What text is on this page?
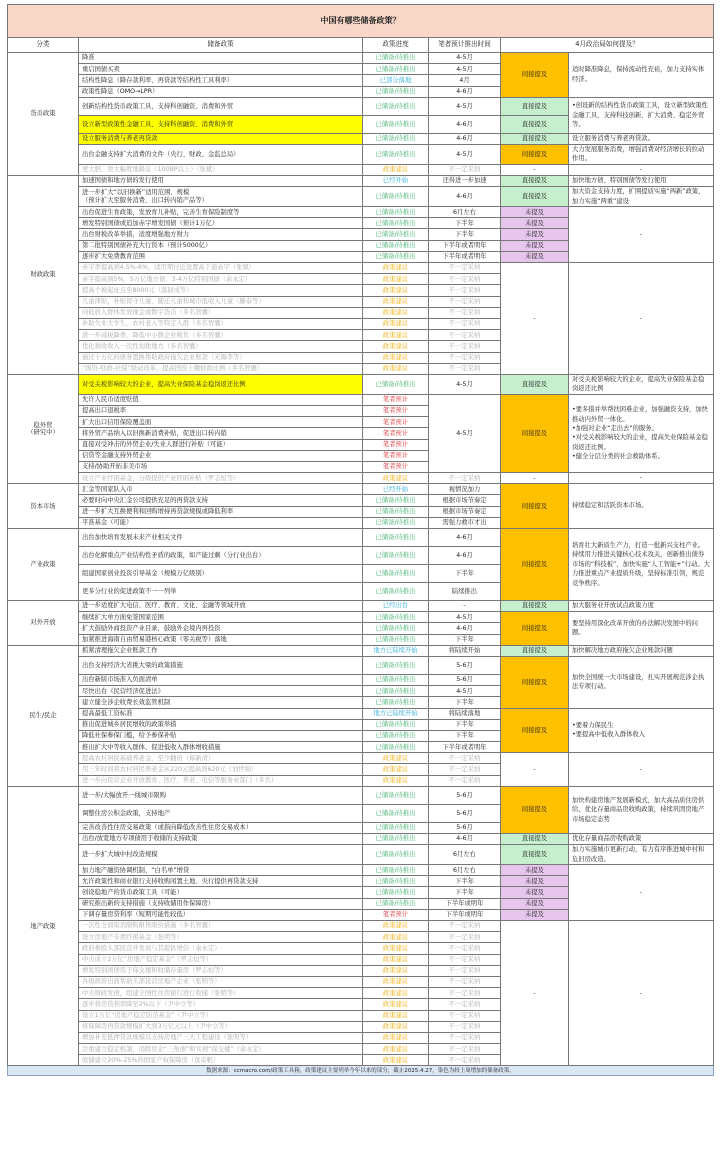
中国有哪些储备政策？					
分类	储备政策	政策进度	笔者预计推出时间	4月政治局如何提及？	
货币政策	降准	已储备/待推出	4-5月	间接提及	适时降准降息，保持流动性充裕，加力支持实体经济。
	重启国债买卖	已储备/待推出	4-5月		
	结构性降息（降存款利率、再贷款等结构性工具利率）	已部分落地	4月		
	政策性降息（OMO→LPR）	已储备/待推出	4-6月		
	创新结构性货币政策工具，支持科创融资、消费和外贸	已储备/待推出	4-5月	直接提及	•创设新的结构性货币政策工具，设立新型政策性金融工具，支持科技创新、扩大消费、稳定外贸等。
	设立新型政策性金融工具，支持科创融资、消费和外贸	已储备/待推出	4-6月	直接提及	
	设立服务消费与养老再贷款	已储备/待推出	4-6月	直接提及	设立服务消费与养老再贷款。
	出台金融支持扩大消费的文件（央行、财政、金监总局）	已储备/待推出	4-5月	间接提及	大力发展服务消费，增强消费对经济增长的拉动作用。
	更大胆、更大幅度地降息（100BP以上）（张斌）	政策建议	不一定采纳	-	-
财政政策	加速国债和地方债的发行使用	已经开始	还得进一步加速	直接提及	加快地方债、特别国债等发行使用
	进一步扩大“以旧换新”适用范围、规模
（预计扩大至服务消费、出口转内销产品等）	已储备/待推出	4-6月	直接提及	加大资金支持力度，扩围提质实施“两新”政策，加力实施“两重”建设
	出台促进生育政策，发放育儿补贴，完善生育保险制度等	已储备/待推出	6月左右	未提及	-
	增发特别国债或追加赤字增发国债（预计1万亿）	已储备/待推出	下半年	未提及	
	出台财税改革举措，适度增强地方财力	已储备/待推出	下半年	未提及	
	第二批特别国债补充大行资本（预计5000亿）	已储备/待推出	下半年或者明年	未提及	
	逐步扩大免费教育范围	已储备/待推出	下半年或者明年	未提及	
	赤字率提高到4.5%-6%，适用期付近设置高于道赤字（张斌）	政策建议	不一定采纳	-	-
	赤字提高到5%，5万亿地方债、3-4万亿特别国债（余永定）	政策建议	不一定采纳		
	提高个税起征点至8000元（温韧成等）	政策建议	不一定采纳		
	儿童津贴，补贴留守儿童，随迁儿童和城市低收入儿童（滕泰等）	政策建议	不一定采纳		
	向低收入群体发放现金或数字货币（多名智囊）	政策建议	不一定采纳		
	补助失业大学生，农村老人等特定人群（多名智囊）	政策建议	不一定采纳		
	进一步减税降费，降低中小微企业税负（多名智囊）	政策建议	不一定采纳		
	优化税收收入一次性划拨地方（多名智囊）	政策建议	不一定采纳		
	通过十万亿的债务置换帮助政府拖欠企业账款（无锡李等）	政策建议	不一定采纳		
	“国资-财政-社保”联动改革，提高国资上缴财政比例（多名智囊）	政策建议	不一定采纳		
稳外贸
（研究中）	对受关税影响较大的企业，提高失业保险基金稳岗返还比例	已储备/待推出	4-5月	直接提及	对受关税影响较大的企业，提高失业保险基金稳岗返还比例
	允许人民币适度贬值	笔者预计	4-5月	间接提及	•要多措并举帮扶困难企业，加强融资支持，加快推动内外贸一体化。
•加强对企业“走出去”的服务。
•对受关税影响较大的企业，提高失业保险基金稳岗返还比例。
•健全分层分类的社会救助体系。
	提高出口退税率	笔者预计			
	扩大出口信用保险覆盖面	笔者预计			
	将外贸产品纳入以旧换新消费补贴，促进出口转内销	笔者预计			
	直接对受冲击的外贸企业/失业人群进行补贴（可能）	笔者预计			
	信贷等金融支持外贸企业	笔者预计			
	支持/协助开拓非美市场	笔者预计			
	设立产业纾困基金，分级提供产业纾困补贴（罗志恒等）	政策建议	不一定采纳	-	-
资本市场	汇金等国家队入市	已经开始	视情况加力	间接提及	持续稳定和活跃资本市场。
	必要时向中央汇金公司提供充足的再贷款支持	已储备/待推出	根据市场节奏定		
	进一步扩大互换便利和回购增持再贷款规模或降低利率	已储备/待推出	根据市场节奏定		
	平准基金（可能）	已储备/待推出	需强力救市才出		
产业政策	出台加快培育发展未来产业相关文件	已储备/待推出	4-6月	间接提及	培育壮大新质生产力，打造一批新兴支柱产业。持续用力推进关键核心技术攻关，创新推出债券市场的“科技板”，加快实施“人工智能+”行动。大力推进重点产业提质升级，坚持标准引领，规范竞争秩序。
	出台化解重点产业结构性矛盾的政策，如产能过剩（分行业出台）	已储备/待推出	4-6月		
	组建国家创业投资引导基金（规模万亿级别）	已储备/待推出	下半年		
	更多分行业的促进政策不一一列举	已储备/待推出	陆续推出		
对外开放	进一步适度扩大电信、医疗、教育、文化、金融等领域开放	已经出台	-	直接提及	加大服务业开放试点政策力度
	继续扩大单方面免签国家范围	已储备/待推出	4-5月	间接提及	要坚持用深化改革开放的办法解决发展中的问题。
	扩大鼓励外商投资产业目录，鼓励外企境内再投资	已储备/待推出	4-6月		
	加紧推进海南自由贸易港核心政策（零关税等）落地	已储备/待推出	下半年		
民生/民企	抓紧清理拖欠企业账款工作	地方已陆续开始	将陆续开始	直接提及	加快解决地方政府拖欠企业账款问题
	出台支持经济大省挑大梁的政策措施	已储备/待推出	5-6月	间接提及	加快全国统一大市场建设，扎实开展规范涉企执法专项行动。
	出台新版市场准入负面清单	已储备/待推出	5-6月		
	尽快出台《民营经济促进法》	已储备/待推出	4-5月		
	建立健全涉企收费长效监管机制	已储备/待推出	下半年		
	提高最低工资标准	地方已陆续开始	将陆续落地	间接提及	•要着力保民生
•要提高中低收入群体收入
	推出促进城乡居民增收的政策举措	已储备/待推出	下半年		
	降低社保参保门槛，给予参保补贴	已储备/待推出	下半年		
	推出扩大中等收入群体、促进低收入群体增收措施	已储备/待推出	下半年或者明年		
	提高农村居民基础养老金，至少翻倍（郑新清）	政策建议	不一定采纳	-	-
	用三年时间将农村居民养老金从220元提高到620元（刘世锦）	政策建议	不一定采纳		
	进一步向民营企业开放教育、医疗、养老、电信等服务业部门（多名）	政策建议	不一定采纳		
地产政策	进一步/大幅放开一线城市限购	已储备/待推出	5-6月	间接提及	加快构建房地产发展新模式，加大高品质住房供给，优化存量商品房收购政策，持续巩固房地产市场稳定态势
	调整住房公积金政策，支持地产	已储备/待推出	5-6月		
	完善改善性住房交易政策（或指向降低改善性住房交易成本）	已储备/待推出	5-6月		
	出台/放宽地方专项债用于收储的支持政策	已储备/待推出	4-6月	直接提及	优化存量商品房收购政策
	进一步扩大城中村改造规模	已储备/待推出	6月左右	直接提及	加力实施城市更新行动，有力有序推进城中村和危旧房改造。
	加力地产融资协调机制，“白名单”增贷	已储备/待推出	6月左右	未提及	-
	允许政策性和商业银行支持收购闲置土地、央行提供再贷款支持	已储备/待推出	下半年	未提及	
	创设稳地产的货币政策工具（可能）	已储备/待推出	下半年	未提及	
	研究推出新的支持措施（支持收储用作保障房）	已储备/待推出	下半年或明年	未提及	
	下调存量房贷利率（短期可能性较低）	笔者预计	下半年或明年	未提及	
	一次性全面取消限购限售限价措施（多名智囊）	政策建议	不一定采纳	-	-
	设立房地产专项纾困基金（张明等）	政策建议	不一定采纳		
	政府参股头部民营开发商与其提供增信（余永定）	政策建议	不一定采纳		
	中央成立2万亿“房地产稳定基金”（罗志恒等）	政策建议	不一定采纳		
	增发特别国债用于保交楼和收储存量房（罗志恒等）	政策建议	不一定采纳		
	各级政府出面帮助头部民营房地产企业（张明等）	政策建议	不一定采纳		
	中央财政发债，组建全国性住房银行进行收储（张明等）	政策建议	不一定采纳		
	逐步将房贷利率降至2%以下（尹中立等）	政策建议	不一定采纳		
	设立1万亿“房地产稳定防范基金”（尹中立等）	政策建议	不一定采纳		
	将保障房再贷款规模扩大到3万亿元以上（尹中立等）	政策建议	不一定采纳		
	增加补充抵押贷款规模以支持房地产三大工程建设（张明等）	政策建议	不一定采纳		
	注重建立稳定机制，消除房企“三角债”和实现“保交楼”（余永定）	政策建议	不一定采纳		
	收储建立20%-25%的国家产权保障房（黄奇帆）	政策建议	不一定采纳		
数据来源：ccmacro.com/政策工具箱，政策建议主要列举今年以来的部分，截止2025.4.27，染色为较上周增加的储备政策。					
